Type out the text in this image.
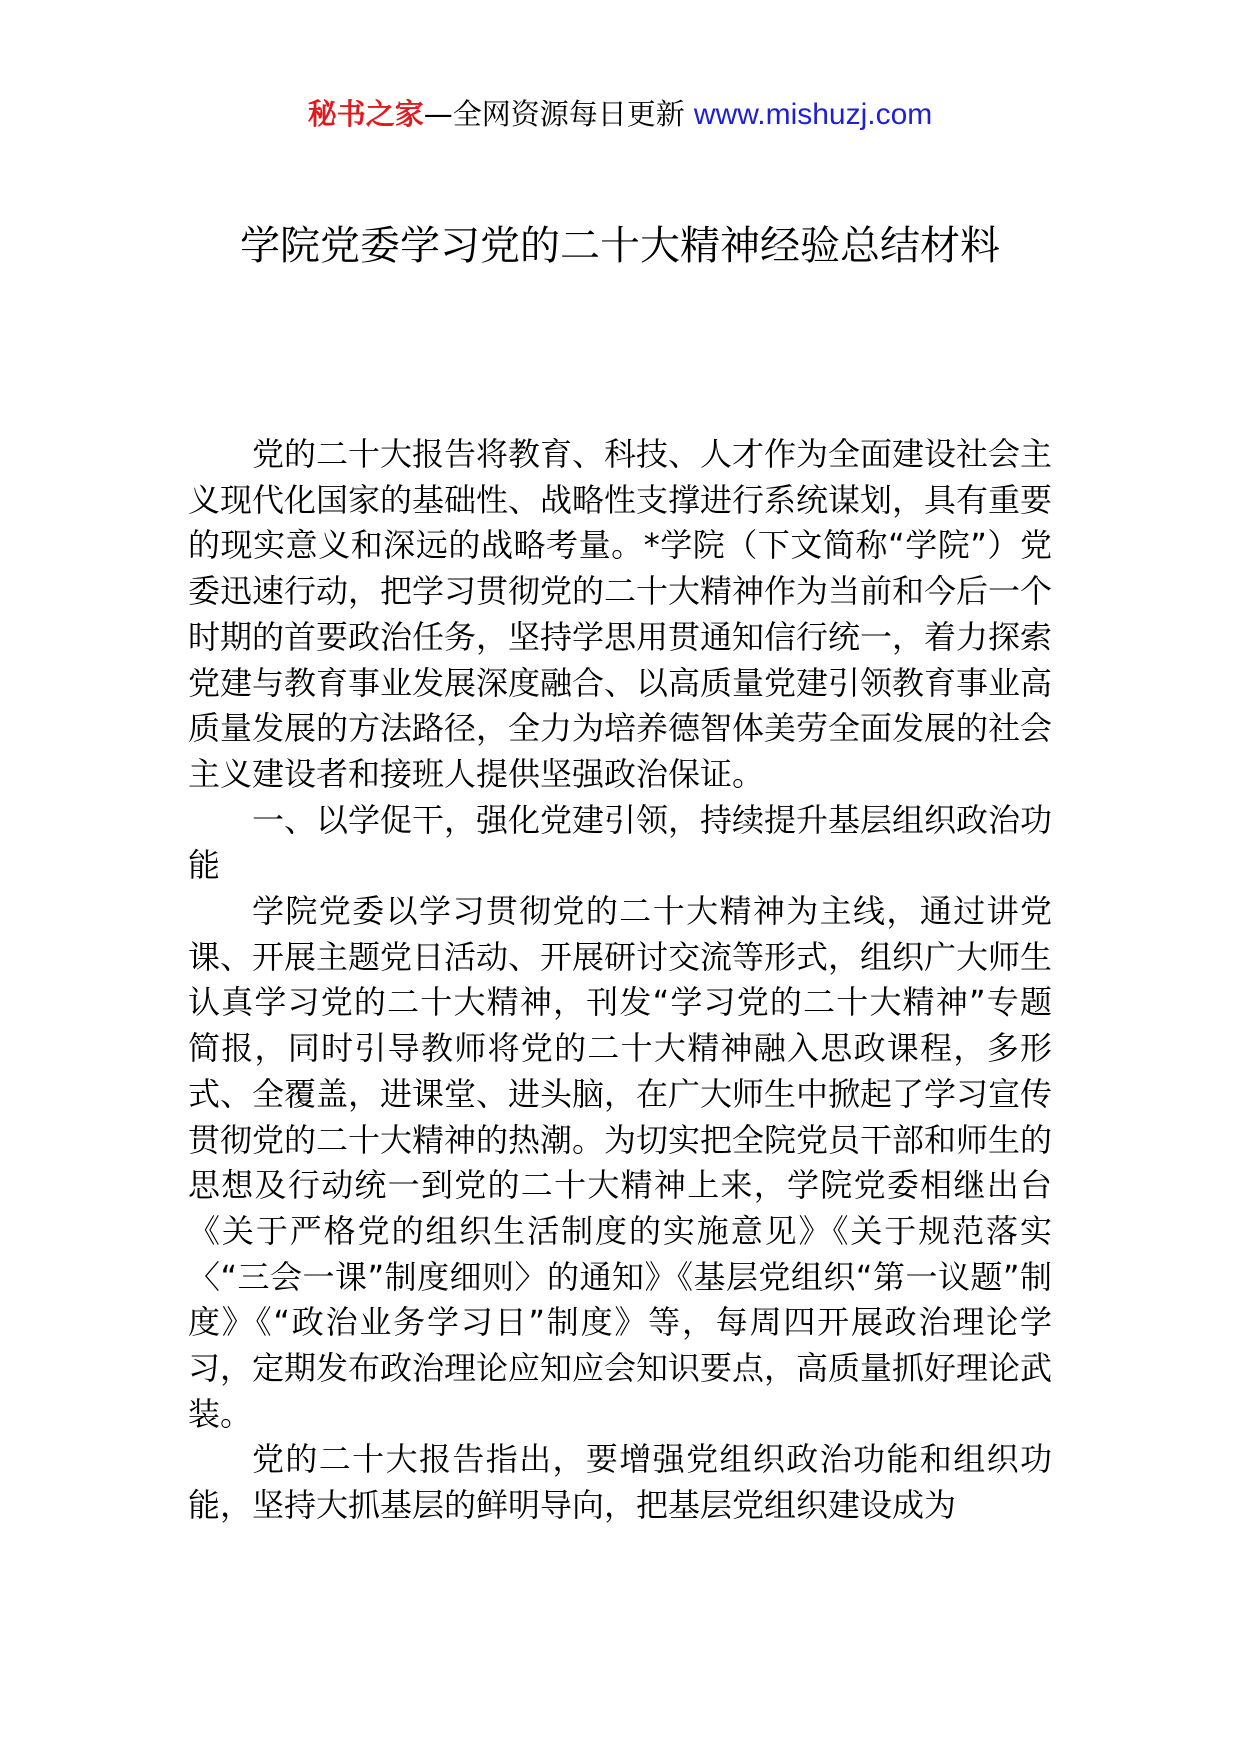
秘书之家—全网资源每日更新 www.mishuzj.com
学院党委学习党的二十大精神经验总结材料

党的二十大报告将教育、科技、人才作为全面建设社会主义现代化国家的基础性、战略性支撑进行系统谋划，具有重要的现实意义和深远的战略考量。*学院（下文简称“学院”）党委迅速行动，把学习贯彻党的二十大精神作为当前和今后一个时期的首要政治任务，坚持学思用贯通知信行统一，着力探索党建与教育事业发展深度融合、以高质量党建引领教育事业高质量发展的方法路径，全力为培养德智体美劳全面发展的社会主义建设者和接班人提供坚强政治保证。

一、以学促干，强化党建引领，持续提升基层组织政治功能

学院党委以学习贯彻党的二十大精神为主线，通过讲党课、开展主题党日活动、开展研讨交流等形式，组织广大师生认真学习党的二十大精神，刊发“学习党的二十大精神”专题简报，同时引导教师将党的二十大精神融入思政课程，多形式、全覆盖，进课堂、进头脑，在广大师生中掀起了学习宣传贯彻党的二十大精神的热潮。为切实把全院党员干部和师生的思想及行动统一到党的二十大精神上来，学院党委相继出台《关于严格党的组织生活制度的实施意见》《关于规范落实〈“三会一课”制度细则〉的通知》《基层党组织“第一议题”制度》《“政治业务学习日”制度》等，每周四开展政治理论学习，定期发布政治理论应知应会知识要点，高质量抓好理论武装。

党的二十大报告指出，要增强党组织政治功能和组织功能，坚持大抓基层的鲜明导向，把基层党组织建设成为
